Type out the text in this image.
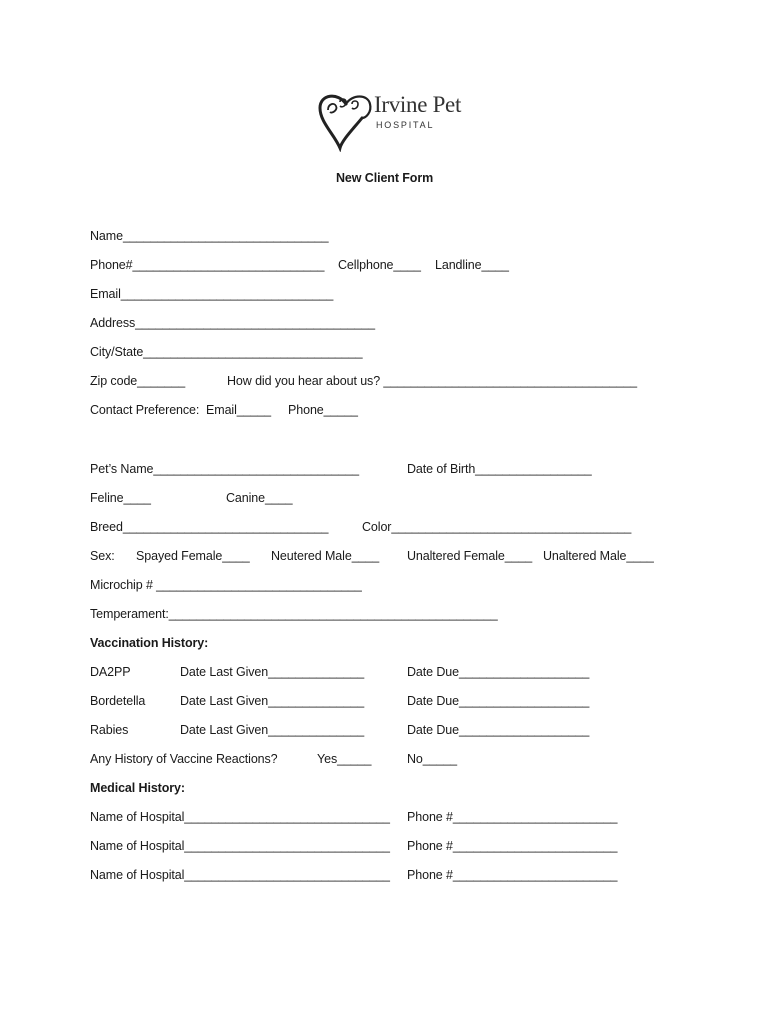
Irvine Pet
HOSPITAL
New Client Form
Name______________________________
Phone#____________________________ Cellphone____ Landline____
Email_______________________________
Address___________________________________
City/State________________________________
Zip code_______	How did you hear about us? _____________________________________
Contact Preference:  Email_____ Phone_____
Pet’s Name______________________________	Date of Birth_________________
Feline____	Canine____
Breed______________________________	Color___________________________________
Sex: Spayed Female____ Neutered Male____ Unaltered Female____ Unaltered Male____
Microchip # ______________________________
Temperament:________________________________________________
Vaccination History:
DA2PP	Date Last Given______________	Date Due___________________
Bordetella	Date Last Given______________	Date Due___________________
Rabies	Date Last Given______________	Date Due___________________
Any History of Vaccine Reactions?	Yes_____	No_____
Medical History:
Name of Hospital______________________________ Phone #________________________
Name of Hospital______________________________ Phone #________________________
Name of Hospital______________________________ Phone #________________________
